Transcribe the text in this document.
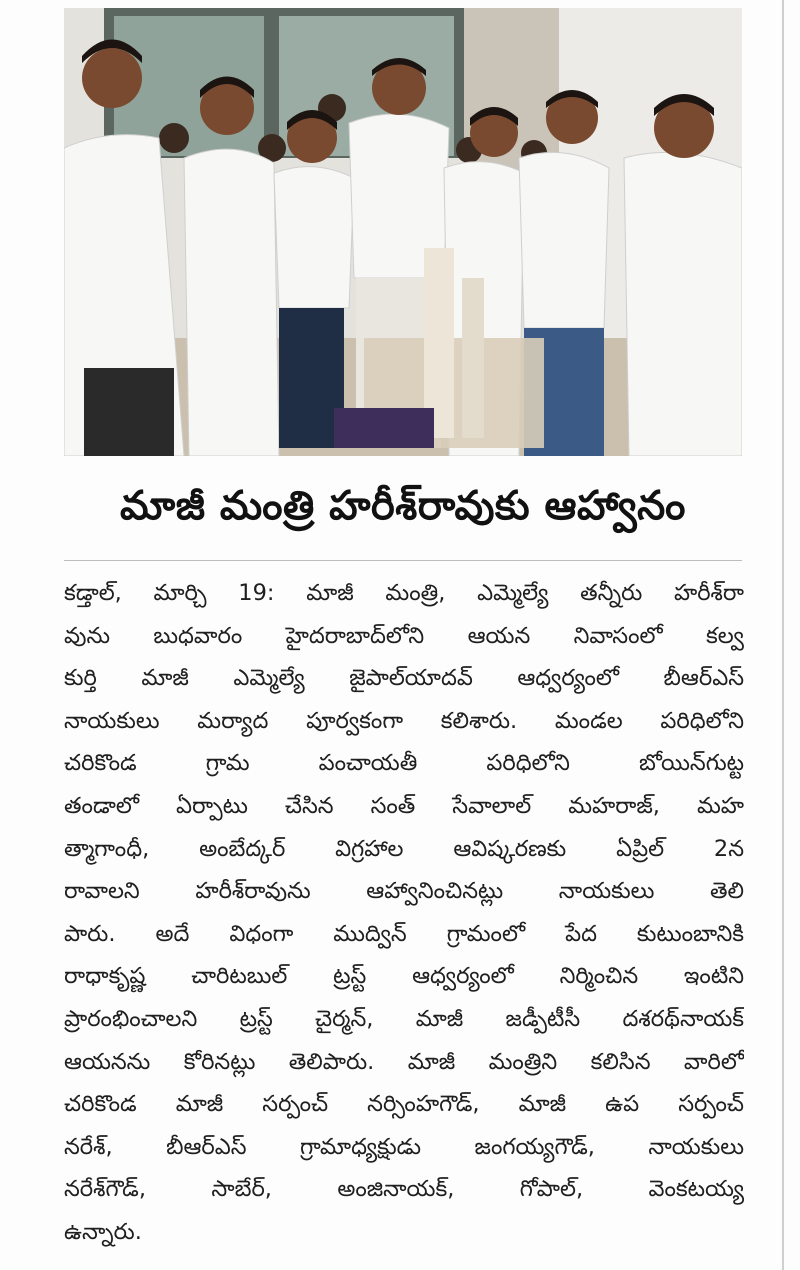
మాజీ మంత్రి హరీశ్‌రావుకు ఆహ్వానం
కడ్తాల్, మార్చి 19: మాజీ మంత్రి, ఎమ్మెల్యే తన్నీరు హరీశ్‌రా
వును బుధవారం హైదరాబాద్‌లోని ఆయన నివాసంలో కల్వ
కుర్తి మాజీ ఎమ్మెల్యే జైపాల్‌యాదవ్ ఆధ్వర్యంలో బీఆర్ఎస్
నాయకులు మర్యాద పూర్వకంగా కలిశారు. మండల పరిధిలోని
చరికొండ గ్రామ పంచాయతీ పరిధిలోని బోయిన్‌గుట్ట
తండాలో ఏర్పాటు చేసిన సంత్ సేవాలాల్ మహరాజ్, మహ
త్మాగాంధీ, అంబేద్కర్ విగ్రహాల ఆవిష్కరణకు ఏప్రిల్ 2న
రావాలని హరీశ్‌రావును ఆహ్వానించినట్లు నాయకులు తెలి
పారు. అదే విధంగా ముద్విన్ గ్రామంలో పేద కుటుంబానికి
రాధాకృష్ణ చారిటబుల్ ట్రస్ట్ ఆధ్వర్యంలో నిర్మించిన ఇంటిని
ప్రారంభించాలని ట్రస్ట్ చైర్మన్, మాజీ జడ్పీటీసీ దశరథ్‌నాయక్
ఆయనను కోరినట్లు తెలిపారు. మాజీ మంత్రిని కలిసిన వారిలో
చరికొండ మాజీ సర్పంచ్ నర్సింహగౌడ్, మాజీ ఉప సర్పంచ్
నరేశ్, బీఆర్ఎస్ గ్రామాధ్యక్షుడు జంగయ్యగౌడ్, నాయకులు
నరేశ్‌గౌడ్, సాబేర్, అంజినాయక్, గోపాల్, వెంకటయ్య
ఉన్నారు.
